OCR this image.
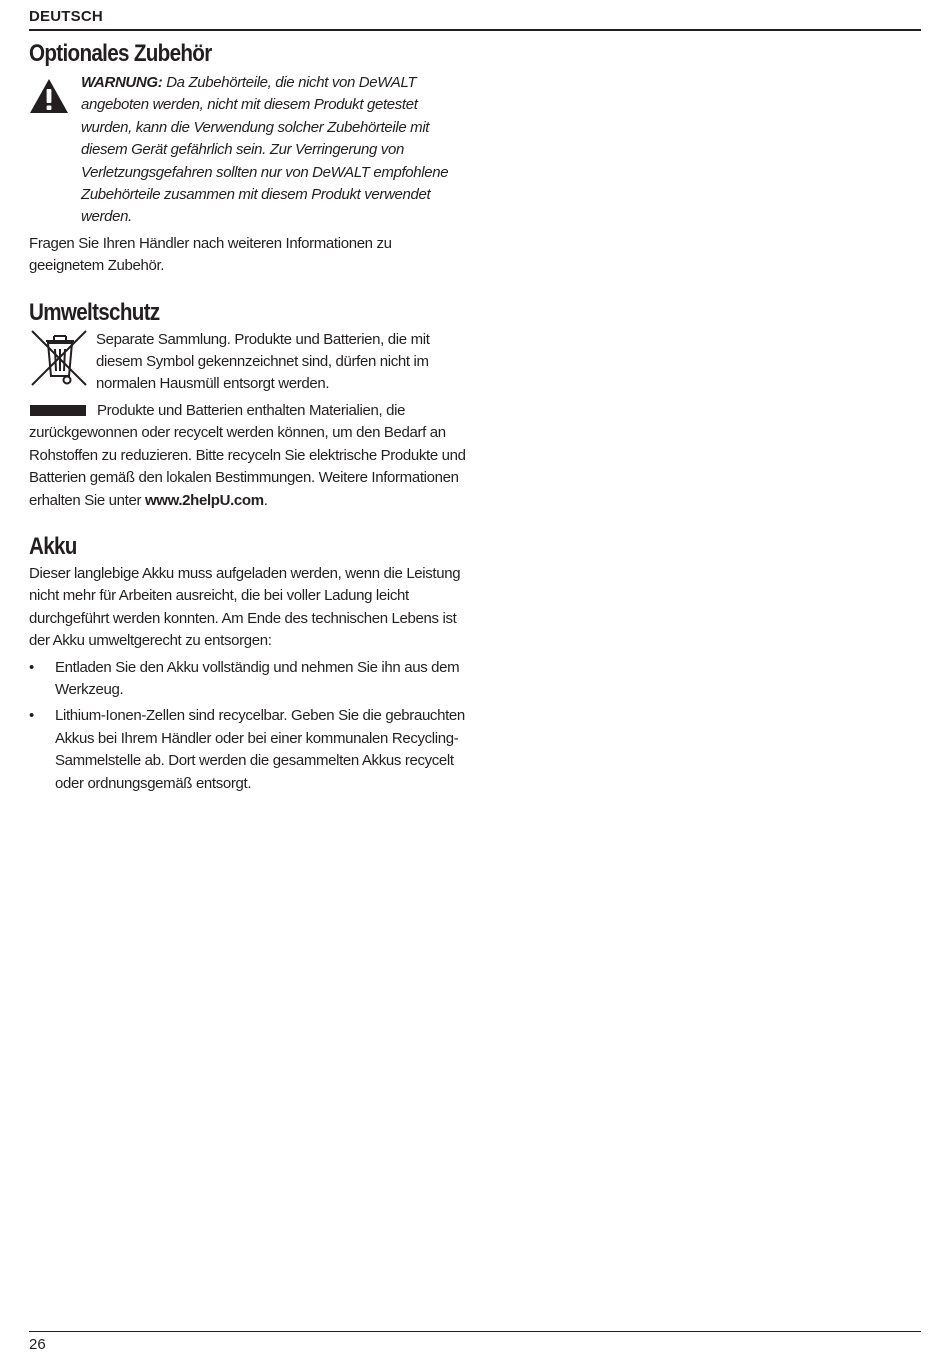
DEUTSCH
Optionales Zubehör
WARNUNG: Da Zubehörteile, die nicht von DeWALT angeboten werden, nicht mit diesem Produkt getestet wurden, kann die Verwendung solcher Zubehörteile mit diesem Gerät gefährlich sein. Zur Verringerung von Verletzungsgefahren sollten nur von DeWALT empfohlene Zubehörteile zusammen mit diesem Produkt verwendet werden.

Fragen Sie Ihren Händler nach weiteren Informationen zu geeignetem Zubehör.

Umweltschutz

Separate Sammlung. Produkte und Batterien, die mit diesem Symbol gekennzeichnet sind, dürfen nicht im normalen Hausmüll entsorgt werden.

Produkte und Batterien enthalten Materialien, die zurückgewonnen oder recycelt werden können, um den Bedarf an Rohstoffen zu reduzieren. Bitte recyceln Sie elektrische Produkte und Batterien gemäß den lokalen Bestimmungen. Weitere Informationen erhalten Sie unter www.2helpU.com.

Akku

Dieser langlebige Akku muss aufgeladen werden, wenn die Leistung nicht mehr für Arbeiten ausreicht, die bei voller Ladung leicht durchgeführt werden konnten. Am Ende des technischen Lebens ist der Akku umweltgerecht zu entsorgen:

• Entladen Sie den Akku vollständig und nehmen Sie ihn aus dem Werkzeug.
• Lithium-Ionen-Zellen sind recycelbar. Geben Sie die gebrauchten Akkus bei Ihrem Händler oder bei einer kommunalen Recycling-Sammelstelle ab. Dort werden die gesammelten Akkus recycelt oder ordnungsgemäß entsorgt.
26
